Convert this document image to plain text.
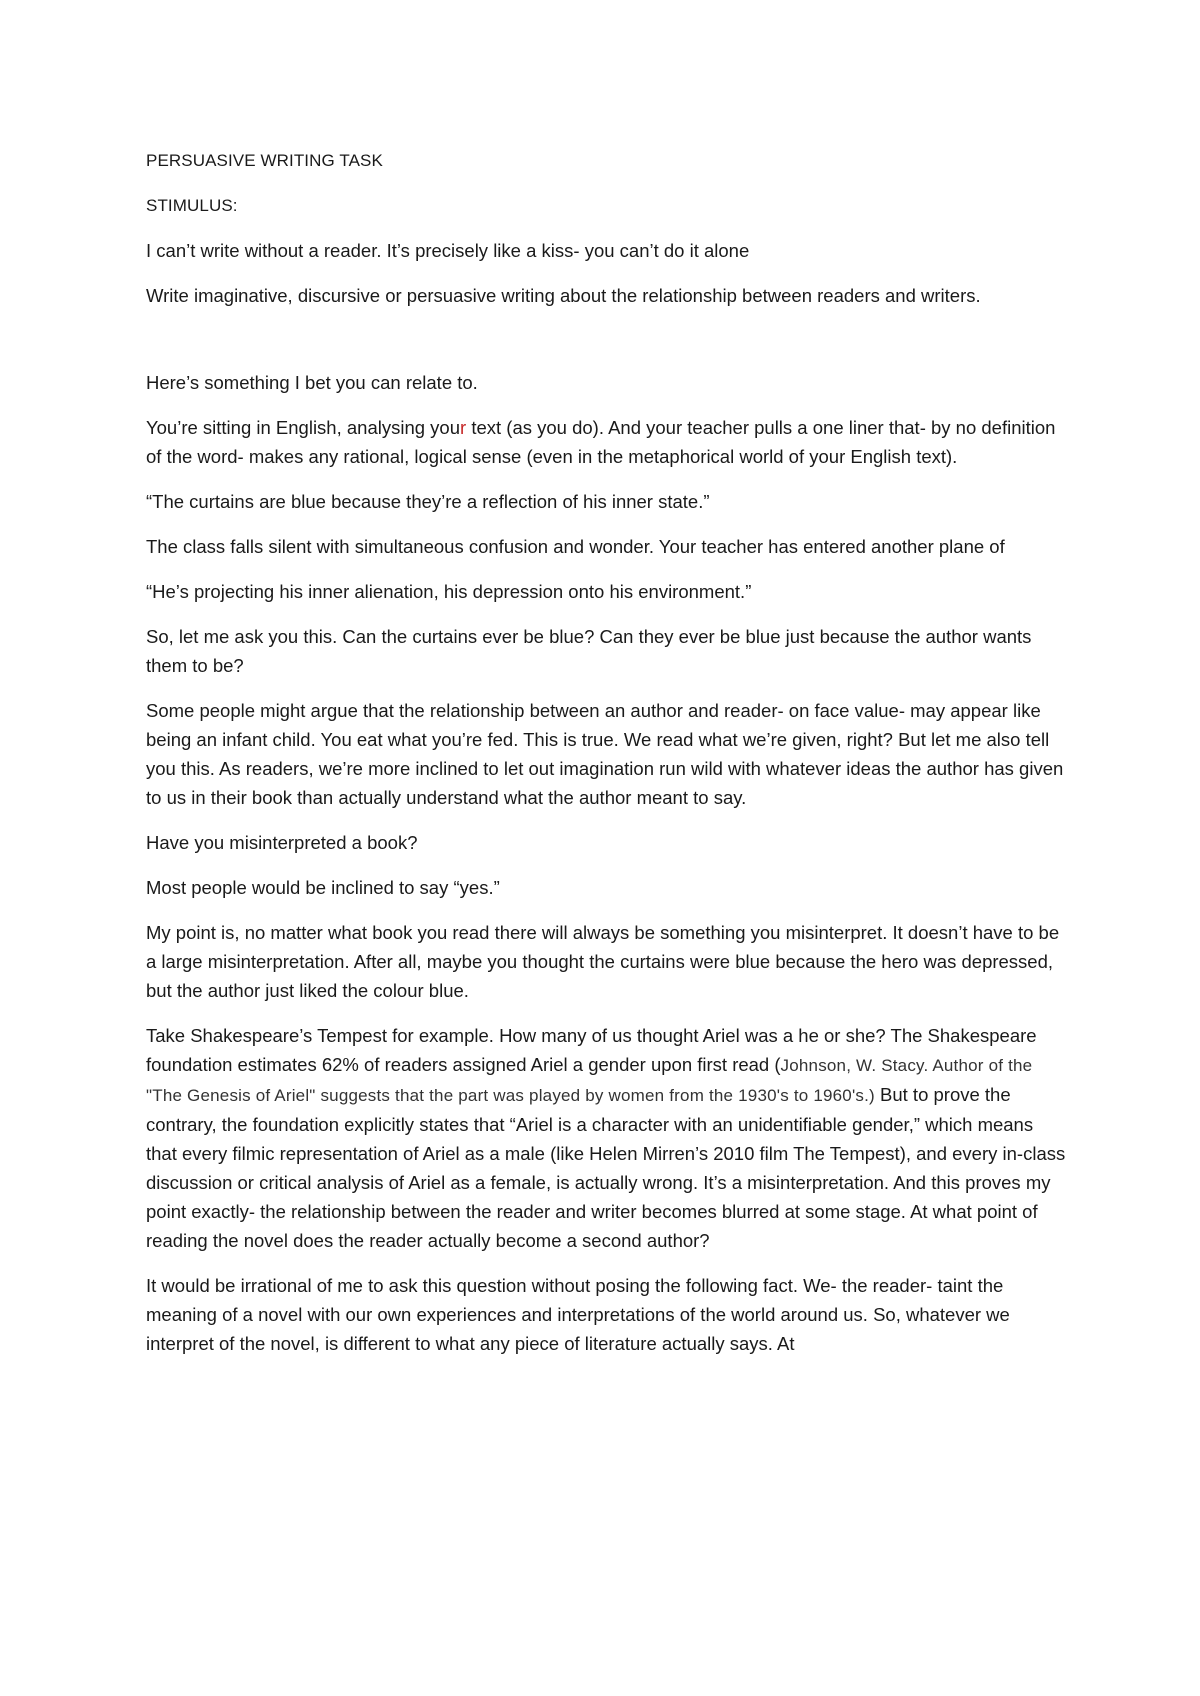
PERSUASIVE WRITING TASK

STIMULUS:

I can’t write without a reader. It’s precisely like a kiss- you can’t do it alone

Write imaginative, discursive or persuasive writing about the relationship between readers and writers.

Here’s something I bet you can relate to.

You’re sitting in English, analysing your text (as you do). And your teacher pulls a one liner that- by no definition of the word- makes any rational, logical sense (even in the metaphorical world of your English text).

“The curtains are blue because they’re a reflection of his inner state.”

The class falls silent with simultaneous confusion and wonder. Your teacher has entered another plane of

“He’s projecting his inner alienation, his depression onto his environment.”

So, let me ask you this. Can the curtains ever be blue? Can they ever be blue just because the author wants them to be?

Some people might argue that the relationship between an author and reader- on face value- may appear like being an infant child. You eat what you’re fed. This is true. We read what we’re given, right? But let me also tell you this. As readers, we’re more inclined to let out imagination run wild with whatever ideas the author has given to us in their book than actually understand what the author meant to say.

Have you misinterpreted a book?

Most people would be inclined to say “yes.”

My point is, no matter what book you read there will always be something you misinterpret. It doesn’t have to be a large misinterpretation. After all, maybe you thought the curtains were blue because the hero was depressed, but the author just liked the colour blue.

Take Shakespeare’s Tempest for example. How many of us thought Ariel was a he or she? The Shakespeare foundation estimates 62% of readers assigned Ariel a gender upon first read (Johnson, W. Stacy. Author of the "The Genesis of Ariel" suggests that the part was played by women from the 1930's to 1960's.) But to prove the contrary, the foundation explicitly states that “Ariel is a character with an unidentifiable gender,” which means that every filmic representation of Ariel as a male (like Helen Mirren’s 2010 film The Tempest), and every in-class discussion or critical analysis of Ariel as a female, is actually wrong. It’s a misinterpretation. And this proves my point exactly- the relationship between the reader and writer becomes blurred at some stage. At what point of reading the novel does the reader actually become a second author?

It would be irrational of me to ask this question without posing the following fact. We- the reader- taint the meaning of a novel with our own experiences and interpretations of the world around us. So, whatever we interpret of the novel, is different to what any piece of literature actually says. At
